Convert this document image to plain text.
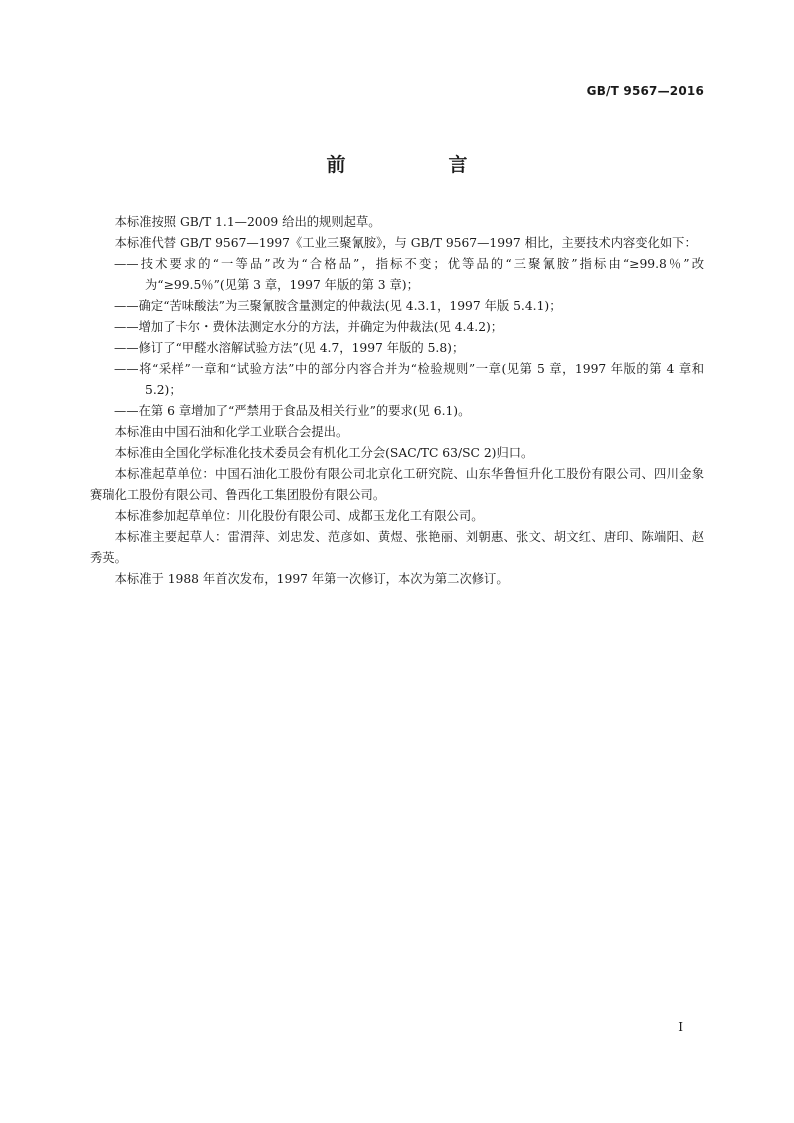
GB/T 9567—2016
前　言

本标准按照 GB/T 1.1—2009 给出的规则起草。

本标准代替 GB/T 9567—1997《工业三聚氰胺》，与 GB/T 9567—1997 相比，主要技术内容变化如下：

——技术要求的“一等品”改为“合格品”，指标不变；优等品的“三聚氰胺”指标由“≥99.8％”改为“≥99.5％”(见第 3 章，1997 年版的第 3 章)；

——确定“苦味酸法”为三聚氰胺含量测定的仲裁法(见 4.3.1，1997 年版 5.4.1)；

——增加了卡尔・费休法测定水分的方法，并确定为仲裁法(见 4.4.2)；

——修订了“甲醛水溶解试验方法”(见 4.7，1997 年版的 5.8)；

——将“采样”一章和“试验方法”中的部分内容合并为“检验规则”一章(见第 5 章，1997 年版的第 4 章和 5.2)；

——在第 6 章增加了“严禁用于食品及相关行业”的要求(见 6.1)。

本标准由中国石油和化学工业联合会提出。

本标准由全国化学标准化技术委员会有机化工分会(SAC/TC 63/SC 2)归口。

本标准起草单位：中国石油化工股份有限公司北京化工研究院、山东华鲁恒升化工股份有限公司、四川金象赛瑞化工股份有限公司、鲁西化工集团股份有限公司。

本标准参加起草单位：川化股份有限公司、成都玉龙化工有限公司。

本标准主要起草人：雷渭萍、刘忠发、范彦如、黄煜、张艳丽、刘朝惠、张文、胡文红、唐印、陈端阳、赵秀英。

本标准于 1988 年首次发布，1997 年第一次修订，本次为第二次修订。

I
